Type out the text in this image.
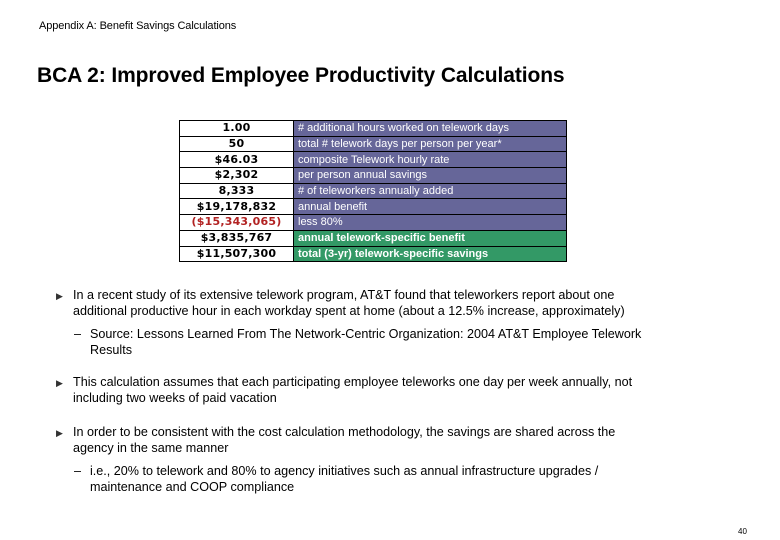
Appendix A: Benefit Savings Calculations
BCA 2: Improved Employee Productivity Calculations
1.00	# additional hours worked on telework days
50	total # telework days per person per year*
$46.03	composite Telework hourly rate
$2,302	per person annual savings
8,333	# of teleworkers annually added
$19,178,832	annual benefit
($15,343,065)	less 80%
$3,835,767	annual telework-specific benefit
$11,507,300	total (3-yr) telework-specific savings
▶ In a recent study of its extensive telework program, AT&T found that teleworkers report about one
additional productive hour in each workday spent at home (about a 12.5% increase, approximately)
– Source: Lessons Learned From The Network-Centric Organization: 2004 AT&T Employee Telework
Results
▶ This calculation assumes that each participating employee teleworks one day per week annually, not
including two weeks of paid vacation
▶ In order to be consistent with the cost calculation methodology, the savings are shared across the
agency in the same manner
– i.e., 20% to telework and 80% to agency initiatives such as annual infrastructure upgrades /
maintenance and COOP compliance
40
